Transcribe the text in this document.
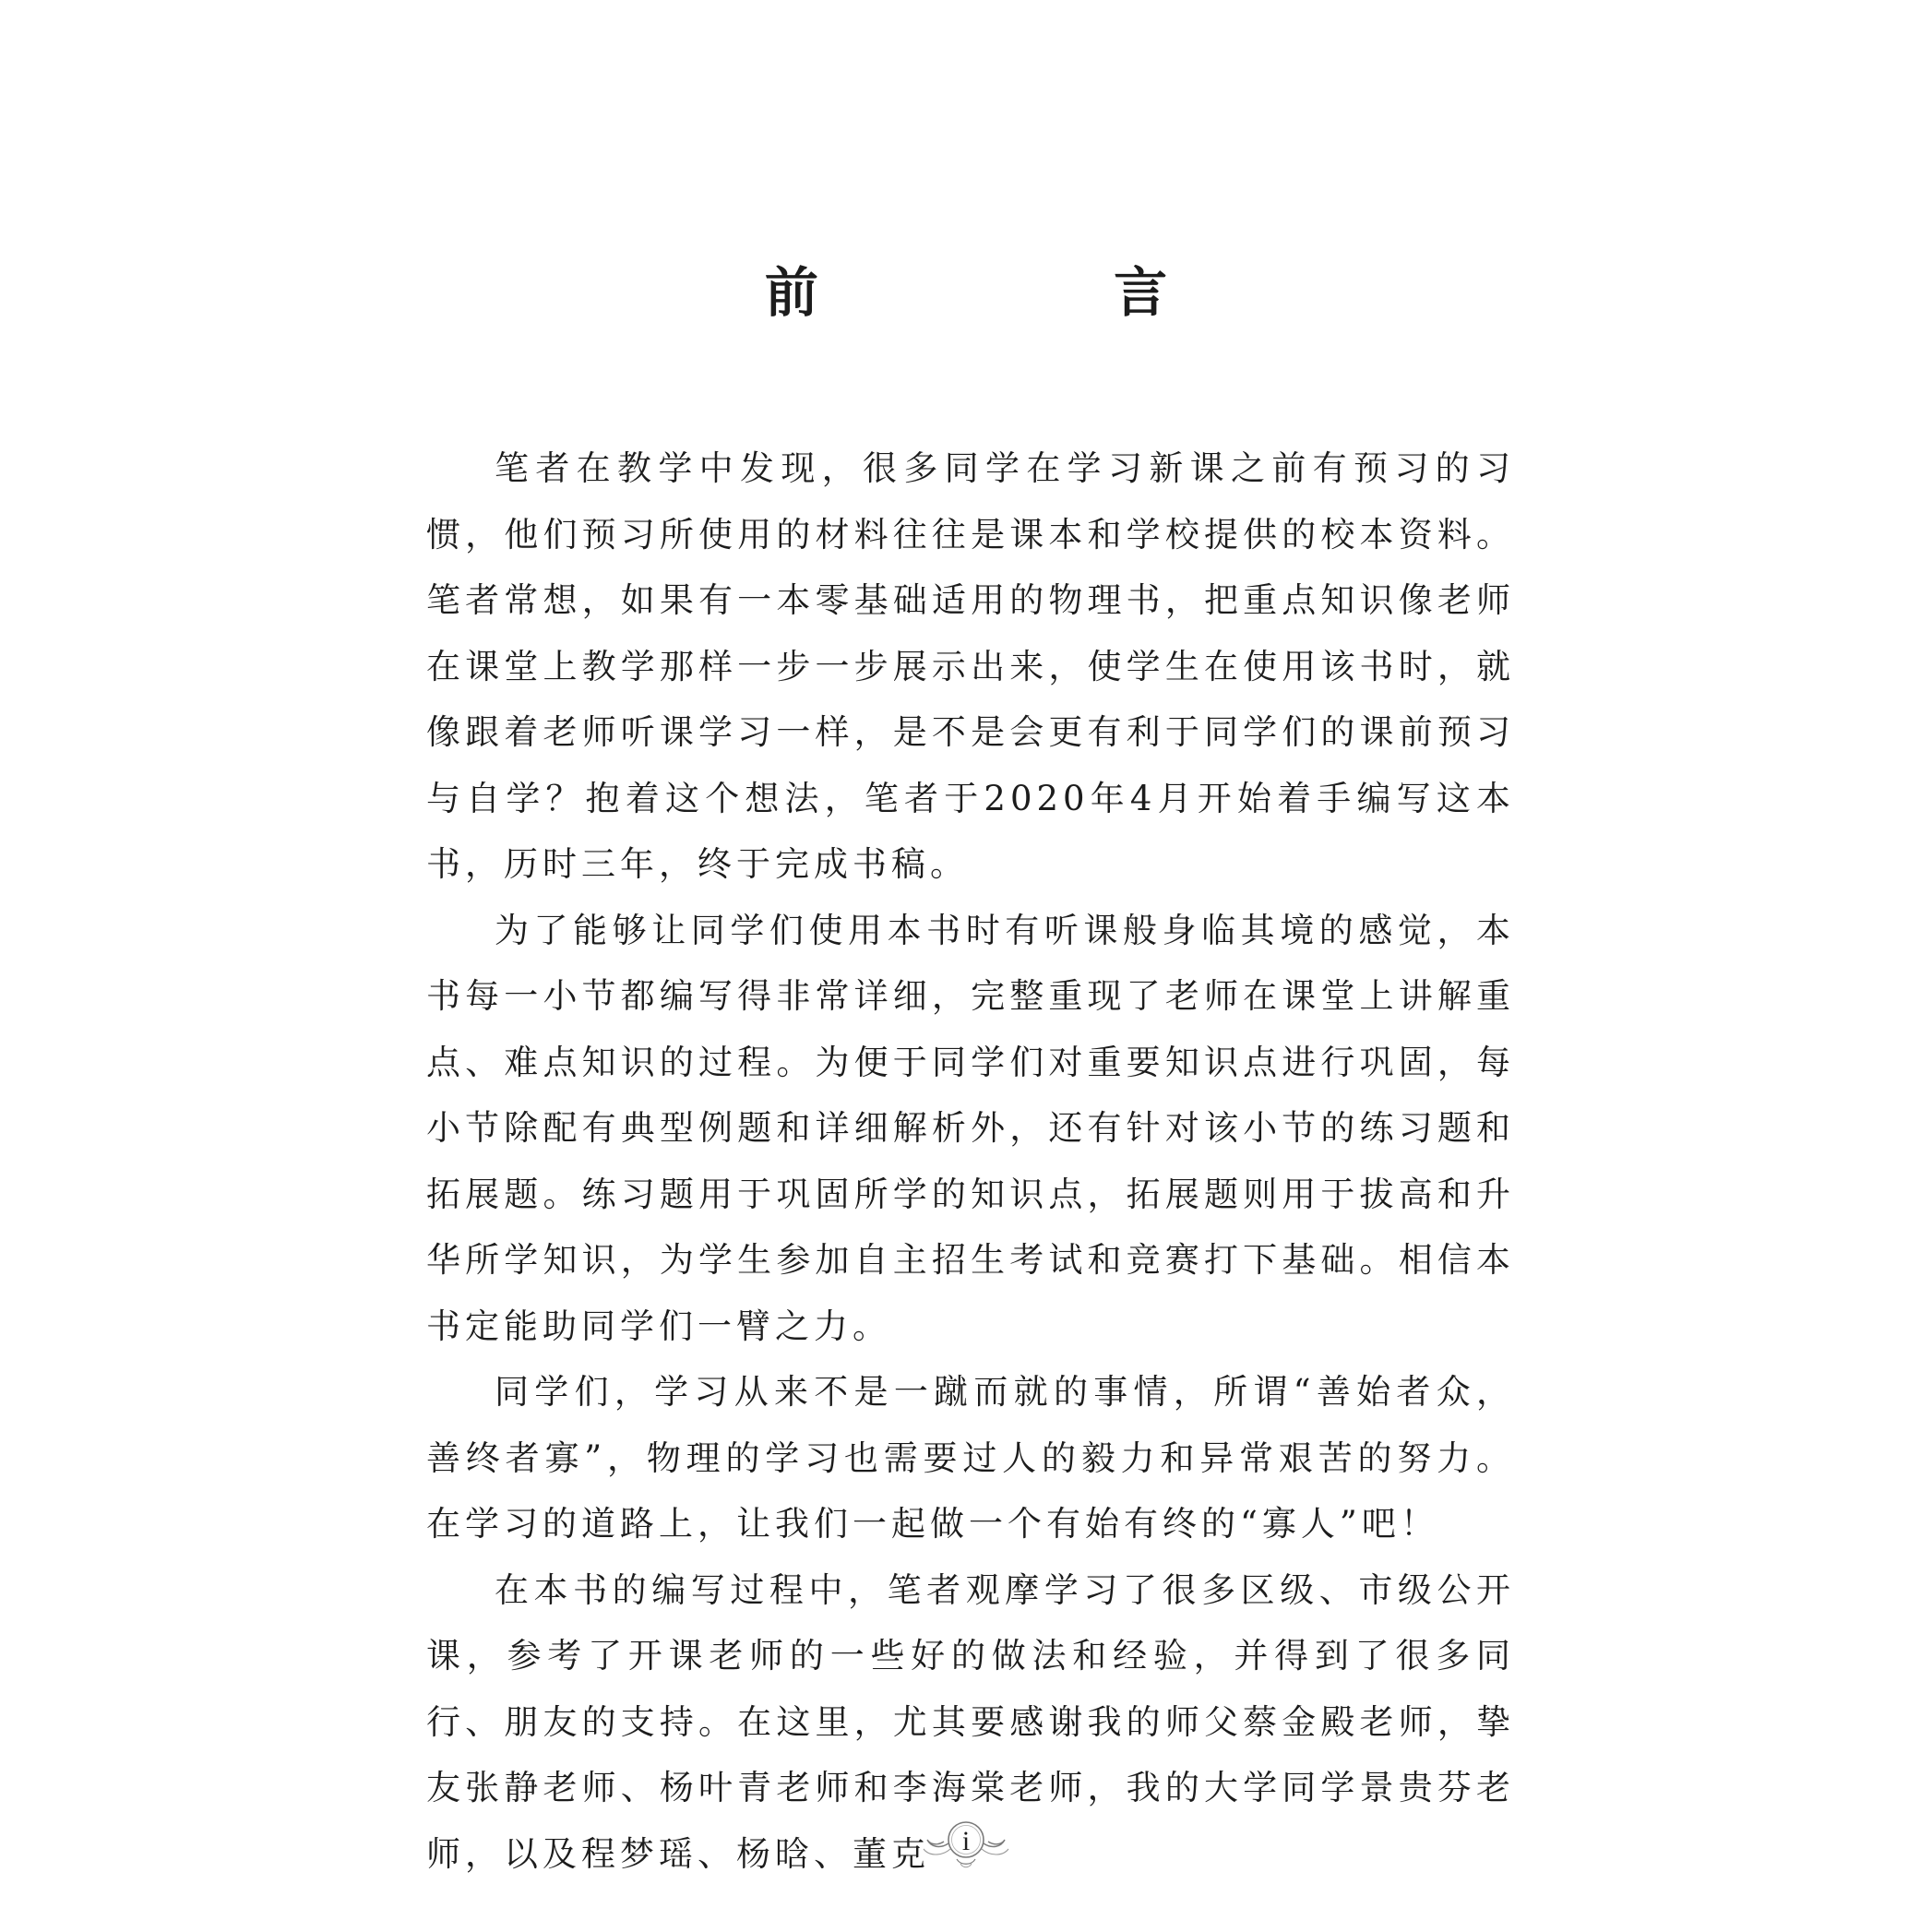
前 言

笔者在教学中发现，很多同学在学习新课之前有预习的习惯，他们预习所使用的材料往往是课本和学校提供的校本资料。笔者常想，如果有一本零基础适用的物理书，把重点知识像老师在课堂上教学那样一步一步展示出来，使学生在使用该书时，就像跟着老师听课学习一样，是不是会更有利于同学们的课前预习与自学？抱着这个想法，笔者于2020年4月开始着手编写这本书，历时三年，终于完成书稿。

为了能够让同学们使用本书时有听课般身临其境的感觉，本书每一小节都编写得非常详细，完整重现了老师在课堂上讲解重点、难点知识的过程。为便于同学们对重要知识点进行巩固，每小节除配有典型例题和详细解析外，还有针对该小节的练习题和拓展题。练习题用于巩固所学的知识点，拓展题则用于拔高和升华所学知识，为学生参加自主招生考试和竞赛打下基础。相信本书定能助同学们一臂之力。

同学们，学习从来不是一蹴而就的事情，所谓“善始者众，善终者寡”，物理的学习也需要过人的毅力和异常艰苦的努力。在学习的道路上，让我们一起做一个有始有终的“寡人”吧！

在本书的编写过程中，笔者观摩学习了很多区级、市级公开课，参考了开课老师的一些好的做法和经验，并得到了很多同行、朋友的支持。在这里，尤其要感谢我的师父蔡金殿老师，挚友张静老师、杨叶青老师和李海棠老师，我的大学同学景贵芬老师，以及程梦瑶、杨晗、董克	i
